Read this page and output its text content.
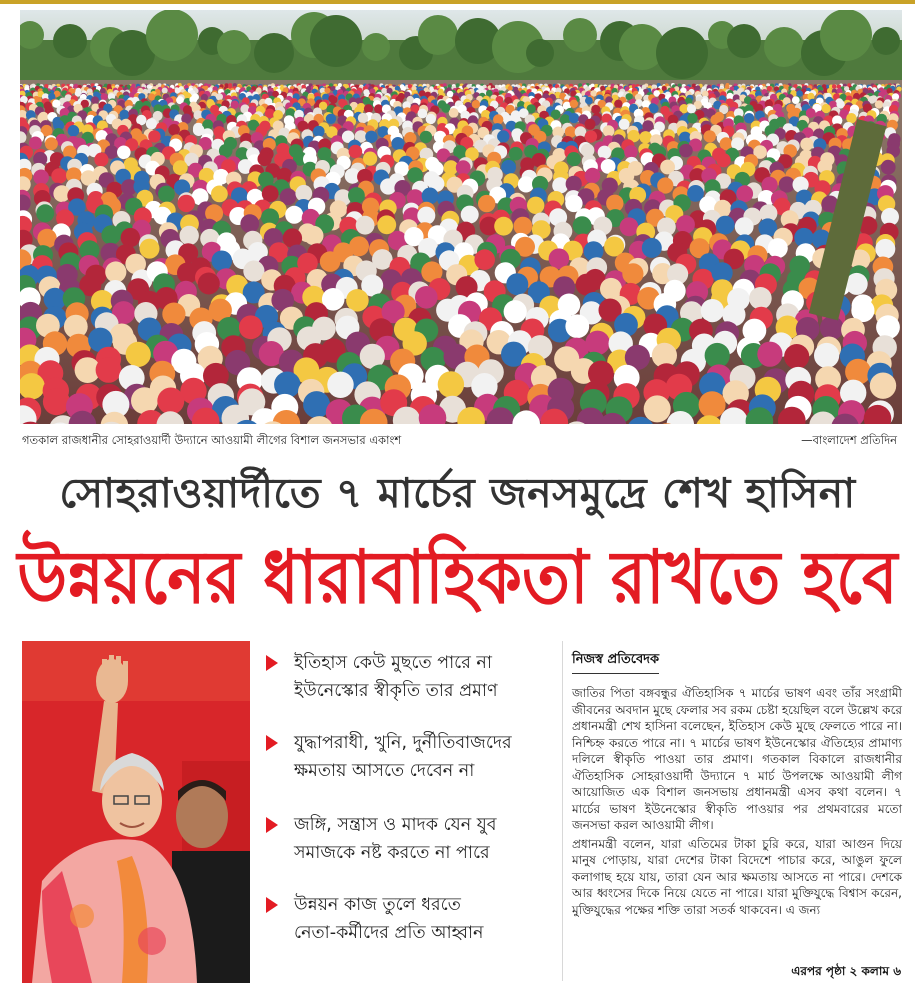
গতকাল রাজধানীর সোহরাওয়ার্দী উদ্যানে আওয়ামী লীগের বিশাল জনসভার একাংশ	—বাংলাদেশ প্রতিদিন
সোহরাওয়ার্দীতে ৭ মার্চের জনসমুদ্রে শেখ হাসিনা
উন্নয়নের ধারাবাহিকতা রাখতে হবে
ইতিহাস কেউ মুছতে পারে না
ইউনেস্কোর স্বীকৃতি তার প্রমাণ
যুদ্ধাপরাধী, খুনি, দুর্নীতিবাজদের
ক্ষমতায় আসতে দেবেন না
জঙ্গি, সন্ত্রাস ও মাদক যেন যুব
সমাজকে নষ্ট করতে না পারে
উন্নয়ন কাজ তুলে ধরতে
নেতা-কর্মীদের প্রতি আহ্বান
নিজস্ব প্রতিবেদক

জাতির পিতা বঙ্গবন্ধুর ঐতিহাসিক ৭ মার্চের ভাষণ এবং তাঁর সংগ্রামী জীবনের অবদান মুছে ফেলার সব রকম চেষ্টা হয়েছিল বলে উল্লেখ করে প্রধানমন্ত্রী শেখ হাসিনা বলেছেন, ইতিহাস কেউ মুছে ফেলতে পারে না। নিশ্চিহ্ন করতে পারে না। ৭ মার্চের ভাষণ ইউনেস্কোর ঐতিহ্যের প্রামাণ্য দলিলে স্বীকৃতি পাওয়া তার প্রমাণ। গতকাল বিকালে রাজধানীর ঐতিহাসিক সোহরাওয়ার্দী উদ্যানে ৭ মার্চ উপলক্ষে আওয়ামী লীগ আয়োজিত এক বিশাল জনসভায় প্রধানমন্ত্রী এসব কথা বলেন। ৭ মার্চের ভাষণ ইউনেস্কোর স্বীকৃতি পাওয়ার পর প্রথমবারের মতো জনসভা করল আওয়ামী লীগ।

প্রধানমন্ত্রী বলেন, যারা এতিমের টাকা চুরি করে, যারা আগুন দিয়ে মানুষ পোড়ায়, যারা দেশের টাকা বিদেশে পাচার করে, আঙুল ফুলে কলাগাছ হয়ে যায়, তারা যেন আর ক্ষমতায় আসতে না পারে। দেশকে আর ধ্বংসের দিকে নিয়ে যেতে না পারে। যারা মুক্তিযুদ্ধে বিশ্বাস করেন, মুক্তিযুদ্ধের পক্ষের শক্তি তারা সতর্ক থাকবেন। এ জন্য

এরপর পৃষ্ঠা ২ কলাম ৬
